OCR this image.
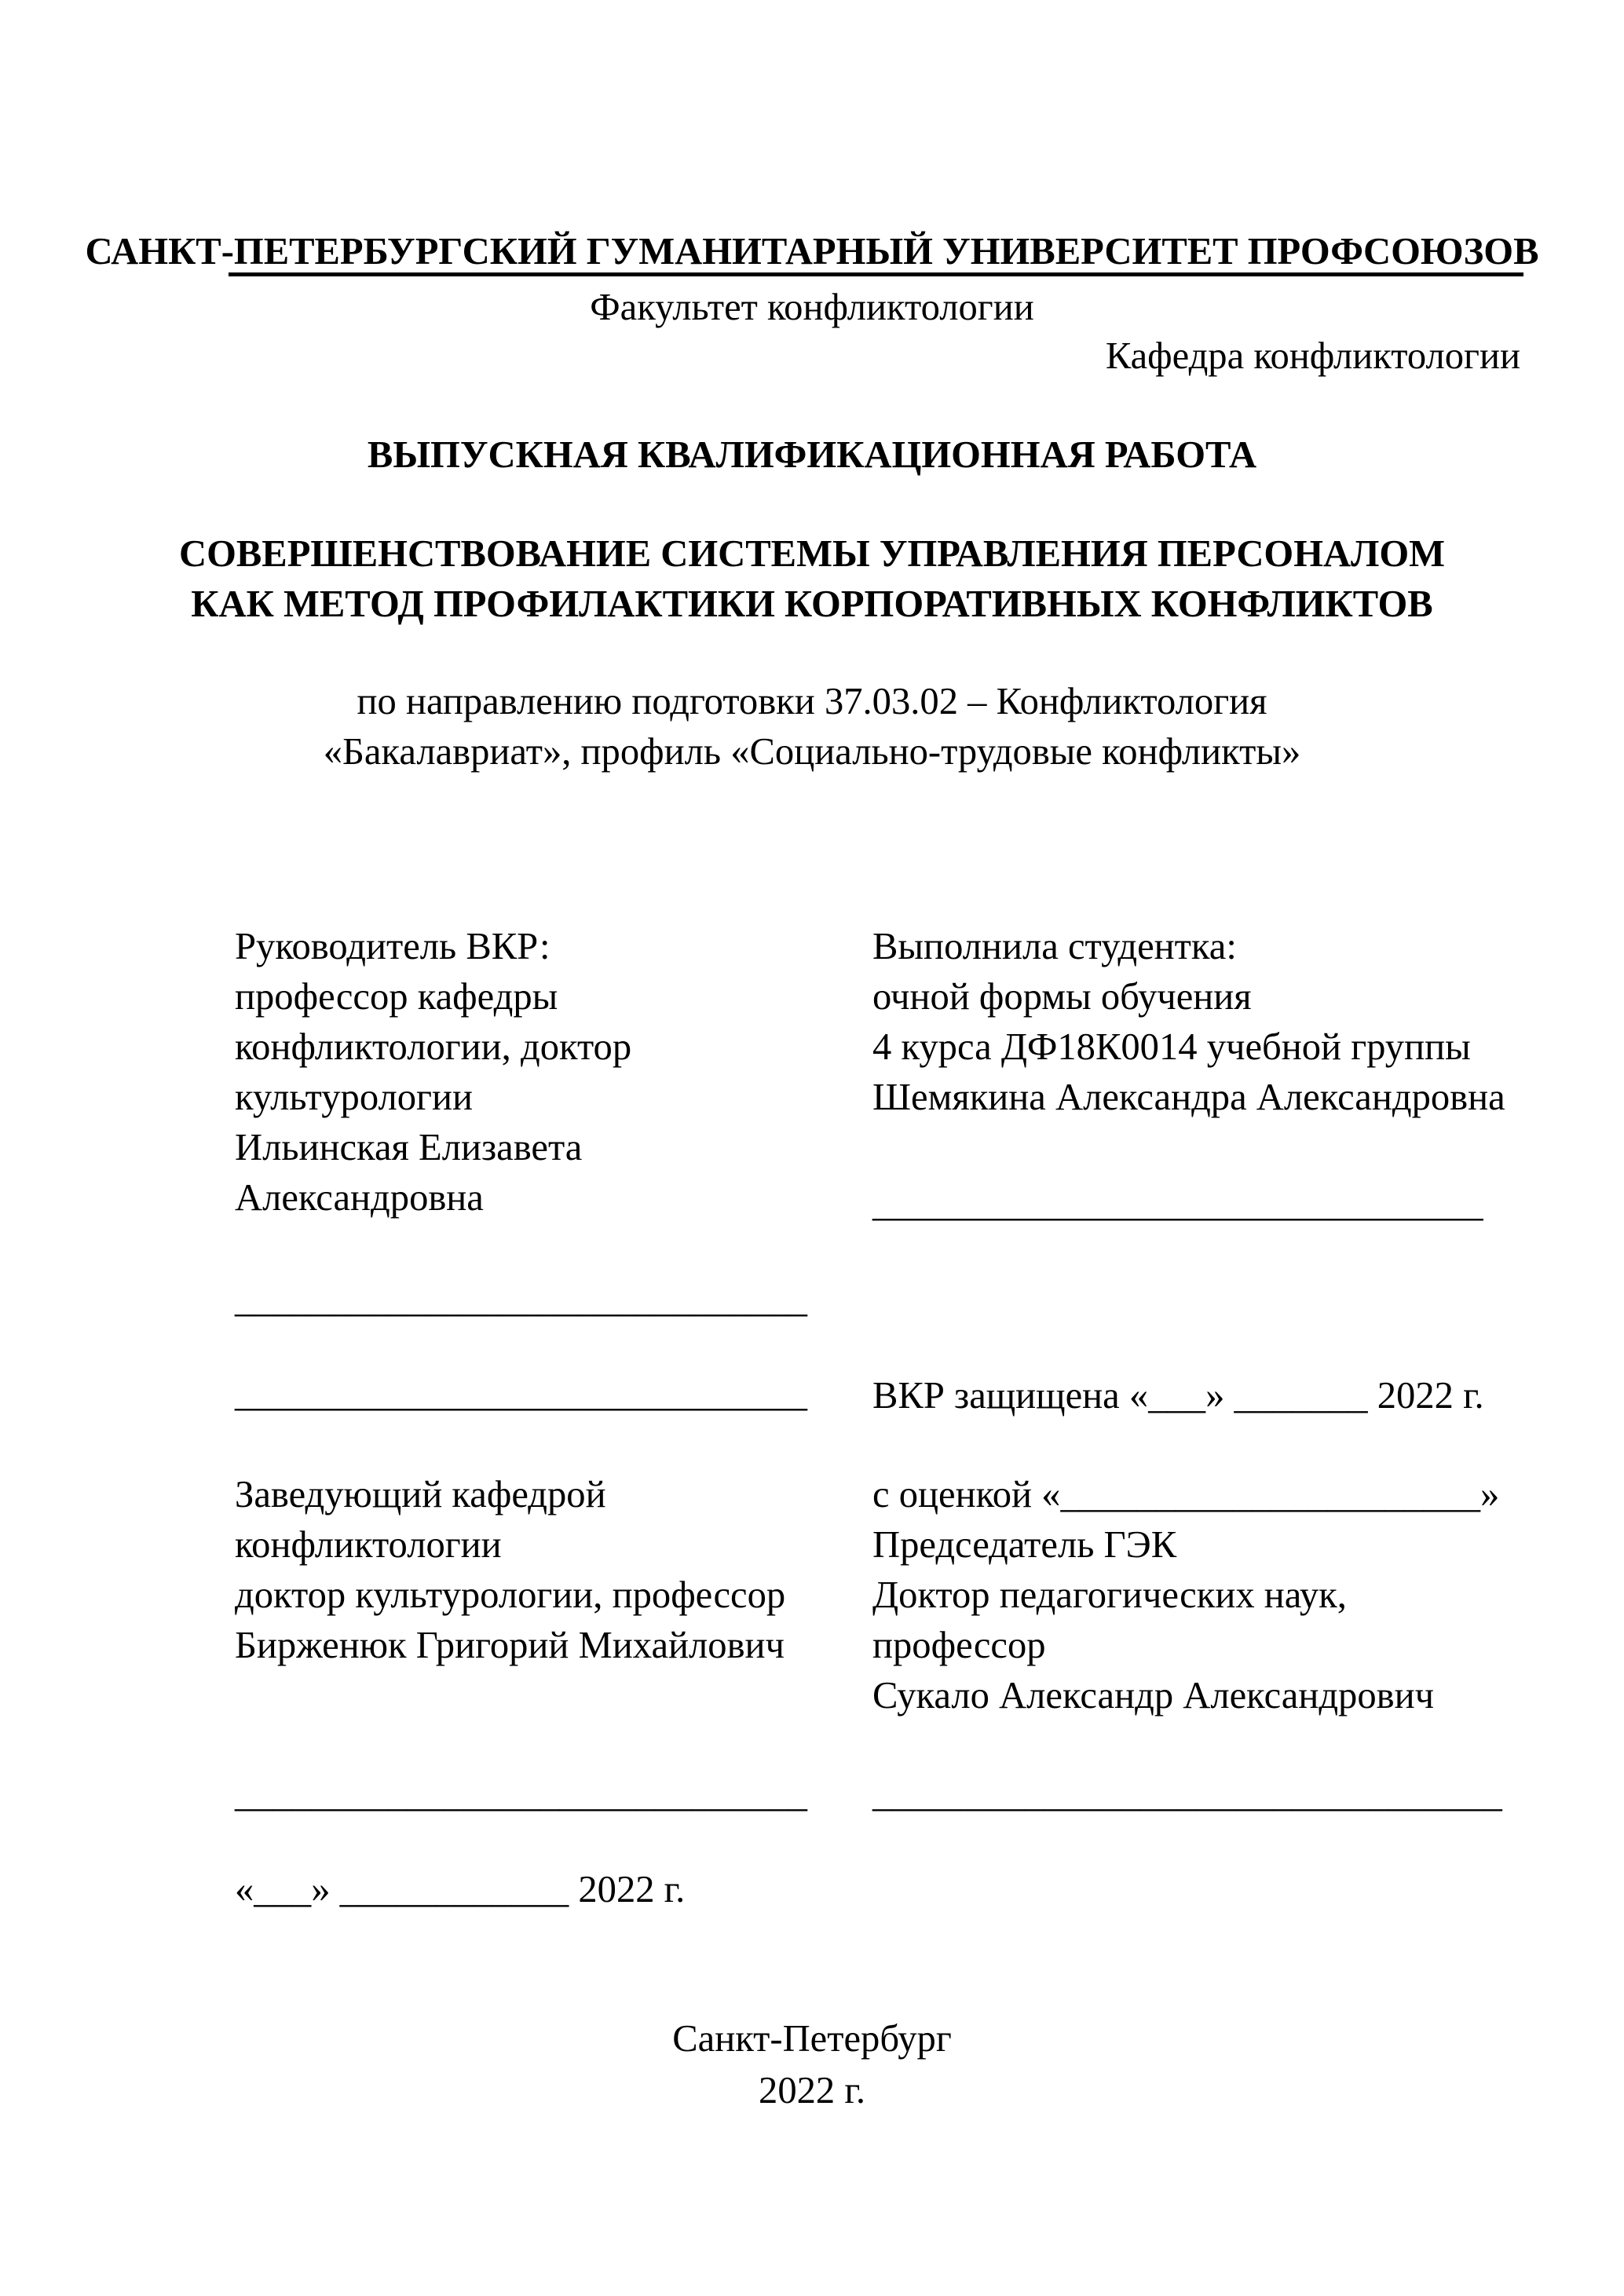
САНКТ-ПЕТЕРБУРГСКИЙ ГУМАНИТАРНЫЙ УНИВЕРСИТЕТ ПРОФСОЮЗОВ
Факультет конфликтологии
Кафедра конфликтологии
ВЫПУСКНАЯ КВАЛИФИКАЦИОННАЯ РАБОТА
СОВЕРШЕНСТВОВАНИЕ СИСТЕМЫ УПРАВЛЕНИЯ ПЕРСОНАЛОМ
КАК МЕТОД ПРОФИЛАКТИКИ КОРПОРАТИВНЫХ КОНФЛИКТОВ
по направлению подготовки 37.03.02 – Конфликтология
«Бакалавриат», профиль «Социально-трудовые конфликты»
Руководитель ВКР:
профессор кафедры
конфликтологии, доктор
культурологии
Ильинская Елизавета
Александровна
Выполнила студентка:
очной формы обучения
4 курса ДФ18К0014 учебной группы
Шемякина Александра Александровна
________________________________
______________________________
______________________________ ВКР защищена «___» _______ 2022 г.
Заведующий кафедрой
конфликтологии
доктор культурологии, профессор
Бирженюк Григорий Михайлович
с оценкой «______________________»
Председатель ГЭК
Доктор педагогических наук,
профессор
Сукало Александр Александрович
______________________________ _________________________________
«___» ____________ 2022 г.
Санкт-Петербург
2022 г.
